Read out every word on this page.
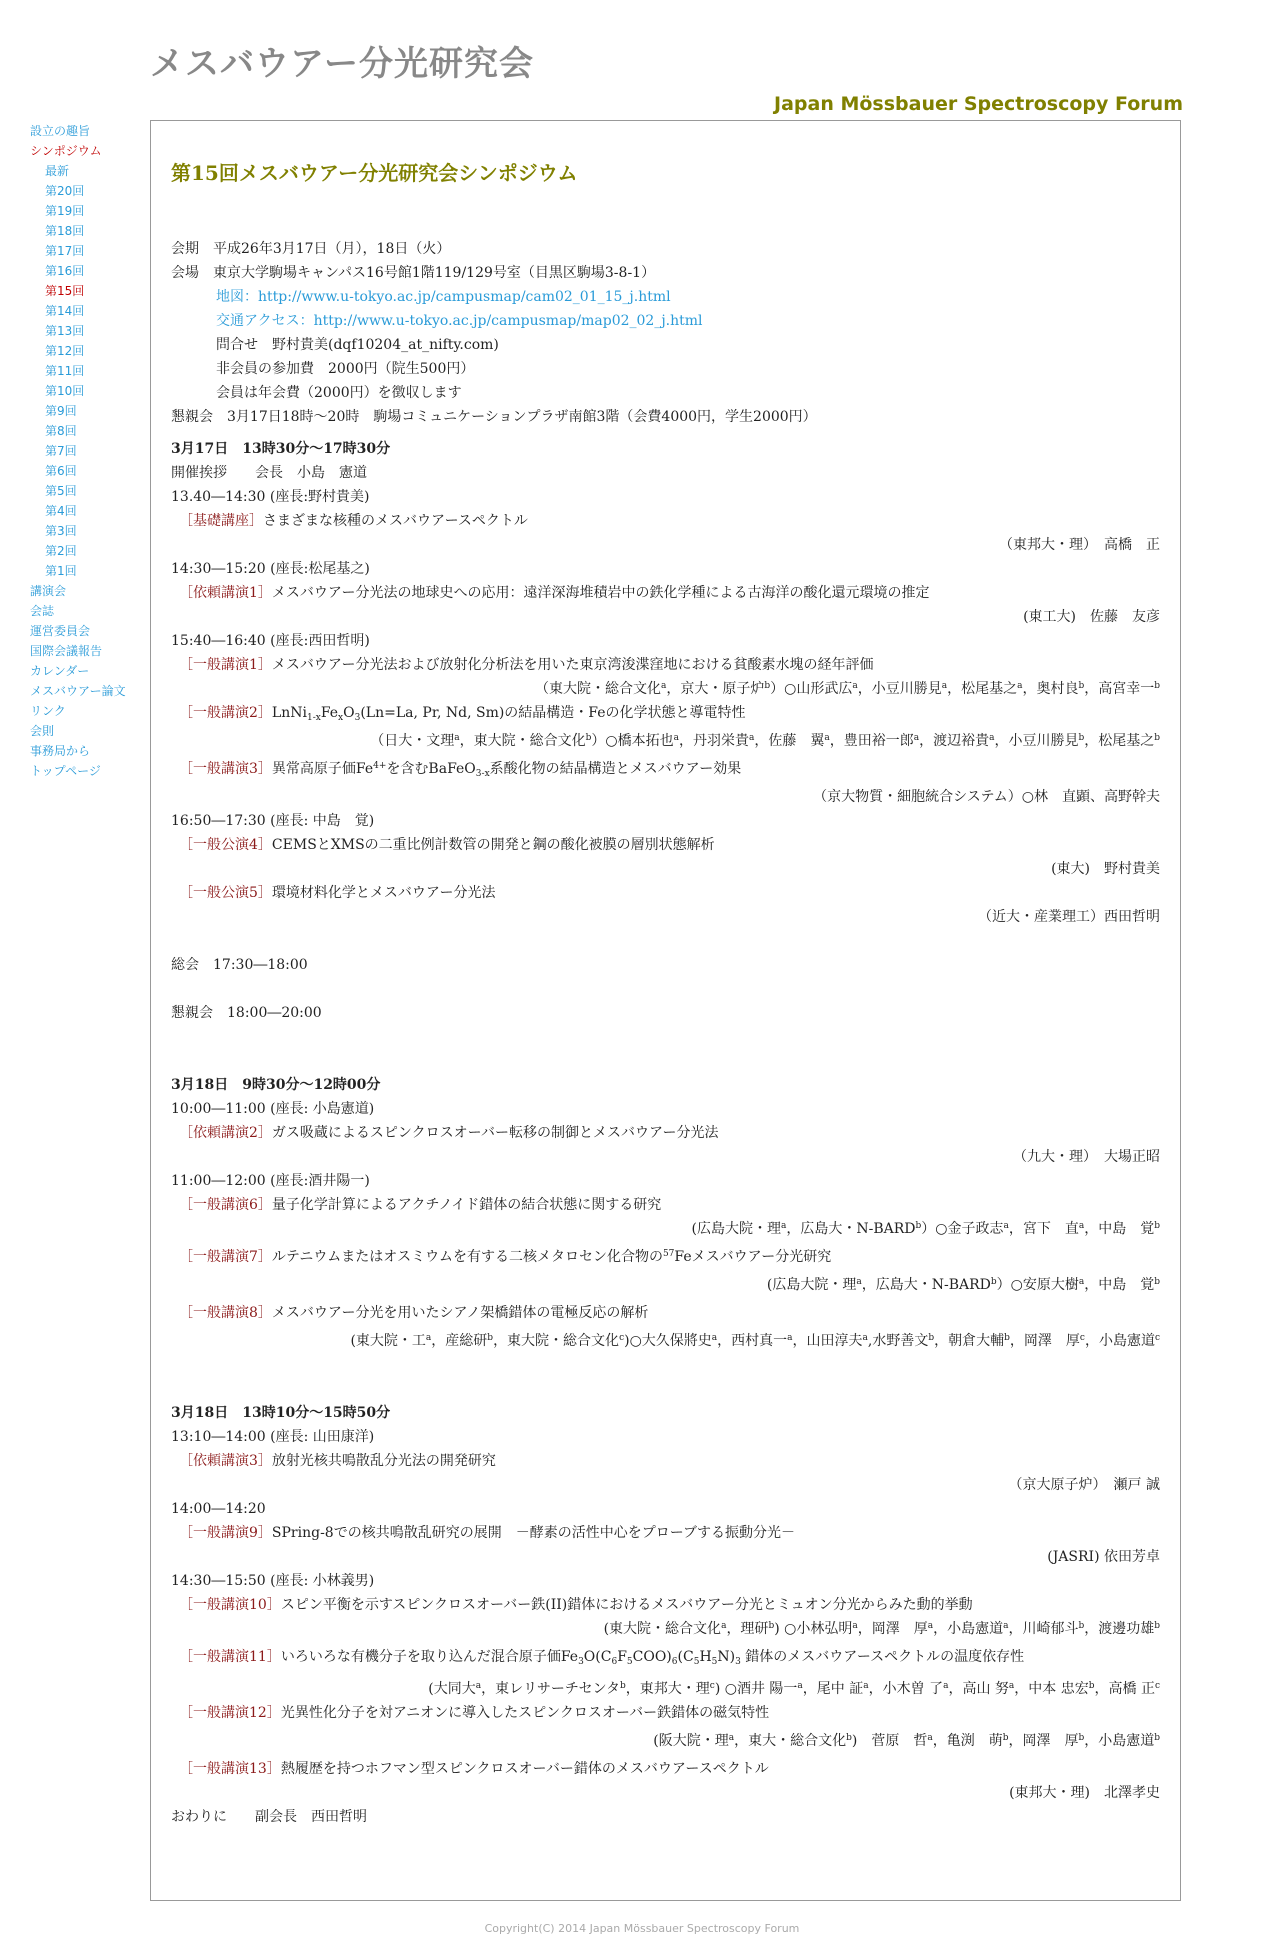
メスバウアー分光研究会
Japan Mössbauer Spectroscopy Forum
設立の趣旨
シンポジウム
最新
第20回
第19回
第18回
第17回
第16回
第15回
第14回
第13回
第12回
第11回
第10回
第9回
第8回
第7回
第6回
第5回
第4回
第3回
第2回
第1回
講演会
会誌
運営委員会
国際会議報告
カレンダー
メスバウアー論文
リンク
会則
事務局から
トップページ
第15回メスバウアー分光研究会シンポジウム
会期　平成26年3月17日（月），18日（火）
会場　東京大学駒場キャンパス16号館1階119/129号室（目黒区駒場3-8-1）
地図：http://www.u-tokyo.ac.jp/campusmap/cam02_01_15_j.html
交通アクセス：http://www.u-tokyo.ac.jp/campusmap/map02_02_j.html
問合せ　野村貴美(dqf10204_at_nifty.com)
非会員の参加費　2000円（院生500円）
会員は年会費（2000円）を徴収します
懇親会　3月17日18時～20時　駒場コミュニケーションプラザ南館3階（会費4000円，学生2000円）
3月17日　13時30分～17時30分
開催挨拶　　会長　小島　憲道
13.40―14:30 (座長:野村貴美)
［基礎講座］さまざまな核種のメスバウアースペクトル
（東邦大・理）　高橋　正
14:30―15:20 (座長:松尾基之)
［依頼講演1］メスバウアー分光法の地球史への応用：遠洋深海堆積岩中の鉄化学種による古海洋の酸化還元環境の推定
(東工大)　佐藤　友彦
15:40―16:40 (座長:西田哲明)
［一般講演1］メスバウアー分光法および放射化分析法を用いた東京湾浚渫窪地における貧酸素水塊の経年評価
（東大院・総合文化$^a$，京大・原子炉$^b$）○山形武広$^a$，小豆川勝見$^a$，松尾基之$^a$，奥村良$^b$，高宮幸一$^b$
［一般講演$2]LnNi_{1-x}Fe_xO_3(Ln=La$, Pr, Nd, Sm)の結晶構造・Feの化学状態と導電特性
（日大・文理$^a$，東大院・総合文化$^b$）○橋本拓也$^a$，丹羽栄貴$^a$，佐藤　翼$^a$，豊田裕一郎$^a$，渡辺裕貴$^a$，小豆川勝見$^b$，松尾基之$^b$
［一般講演3］異常高原子価$Fe^{4+}$を含むBaFeO$_{3-x}$系酸化物の結晶構造とメスバウアー効果
（京大物質・細胞統合システム）○林　直顕、高野幹夫
16:50―17:30 (座長: 中島　覚)
［一般公演4］CEMSとXMSの二重比例計数管の開発と鋼の酸化被膜の層別状態解析
(東大)　野村貴美
［一般公演5］環境材料化学とメスバウアー分光法
（近大・産業理工）西田哲明
総会　17:30―18:00
懇親会　18:00―20:00
3月18日　9時30分～12時00分
10:00―11:00 (座長: 小島憲道)
［依頼講演2］ガス吸蔵によるスピンクロスオーバー転移の制御とメスバウアー分光法
（九大・理）　大場正昭
11:00―12:00 (座長:酒井陽一)
［一般講演6］量子化学計算によるアクチノイド錯体の結合状態に関する研究
(広島大院・理$^a$，広島大・N-BARD$^b$）○金子政志$^a$，宮下　直$^a$，中島　覚$^b$
［一般講演7］ルテニウムまたはオスミウムを有する二核メタロセン化合物の$^{57}$Feメスバウアー分光研究
(広島大院・理$^a$，広島大・N-BARD$^b$）○安原大樹$^a$，中島　覚$^b$
［一般講演8］メスバウアー分光を用いたシアノ架橋錯体の電極反応の解析
(東大院・工$^a$，産総研$^b$，東大院・総合文化$^c$)○大久保將史$^a$，西村真一$^a$，山田淳夫$^a$,水野善文$^b$，朝倉大輔$^b$，岡澤　厚$^c$，小島憲道$^c$
3月18日　13時10分～15時50分
13:10―14:00 (座長: 山田康洋)
［依頼講演3］放射光核共鳴散乱分光法の開発研究
（京大原子炉）　瀬戸 誠
14:00―14:20
［一般講演9］SPring-8での核共鳴散乱研究の展開　－酵素の活性中心をプローブする振動分光－
(JASRI) 依田芳卓
14:30―15:50 (座長: 小林義男)
［一般講演10］スピン平衡を示すスピンクロスオーバー鉄(II)錯体におけるメスバウアー分光とミュオン分光からみた動的挙動
(東大院・総合文化$^a$，理研$^b$) ○小林弘明$^a$，岡澤　厚$^a$，小島憲道$^a$，川崎郁斗$^b$，渡邊功雄$^b$
［一般講演11］いろいろな有機分子を取り込んだ混合原子価$Fe_3O(C_6F_5COO)_6(C_5H_5N)_3$ 錯体のメスバウアースペクトルの温度依存性
(大同大$^a$，東レリサーチセンタ$^b$，東邦大・理$^c$) ○酒井 陽一$^a$，尾中 証$^a$，小木曽 了$^a$，高山 努$^a$，中本 忠宏$^b$，高橋 正$^c$
［一般講演12］光異性化分子を対アニオンに導入したスピンクロスオーバー鉄錯体の磁気特性
(阪大院・理$^a$，東大・総合文化$^b$)　菅原　哲$^a$，亀渕　萌$^b$，岡澤　厚$^b$，小島憲道$^b$
［一般講演13］熱履歴を持つホフマン型スピンクロスオーバー錯体のメスバウアースペクトル
(東邦大・理)　北澤孝史
おわりに　　副会長　西田哲明
Copyright(C) 2014 Japan Mössbauer Spectroscopy Forum
